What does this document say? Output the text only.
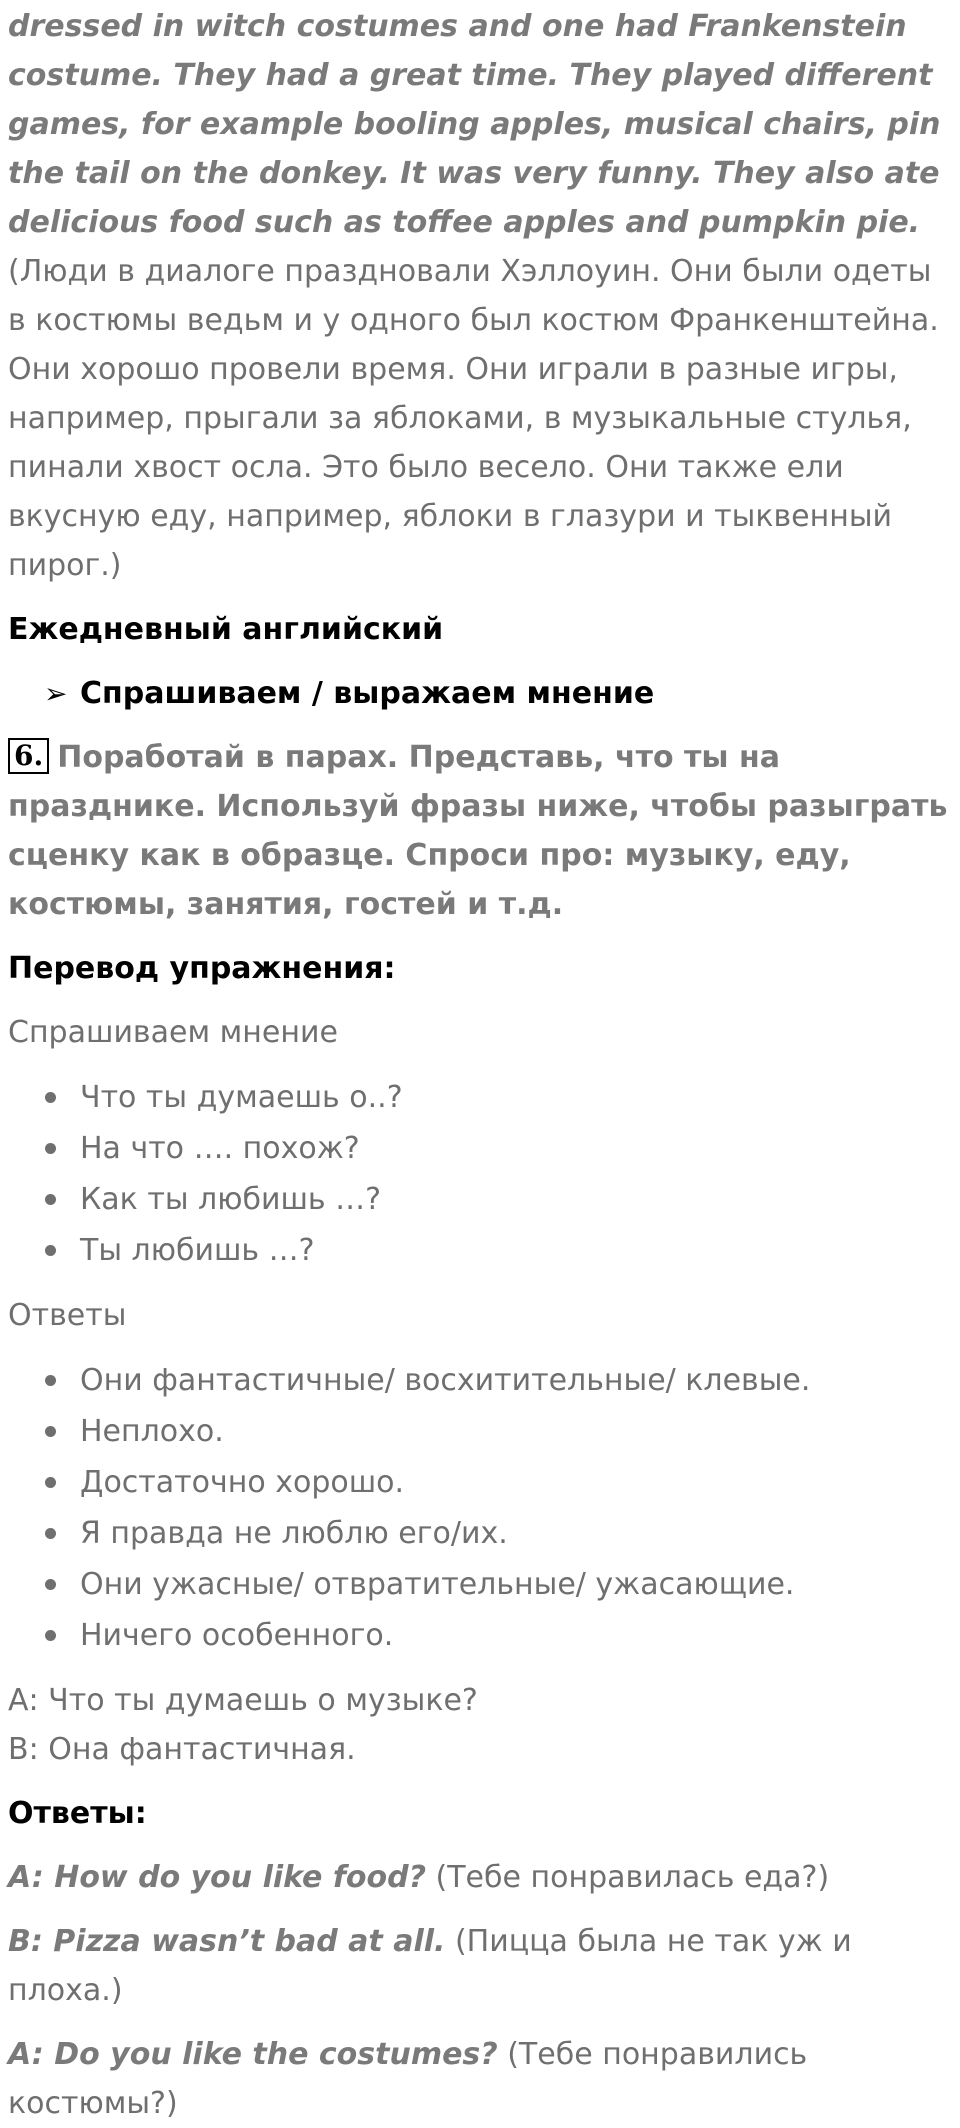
dressed in witch costumes and one had Frankenstein costume. They had a great time. They played different games, for example booling apples, musical chairs, pin the tail on the donkey. It was very funny. They also ate delicious food such as toffee apples and pumpkin pie. (Люди в диалоге праздновали Хэллоуин. Они были одеты в костюмы ведьм и у одного был костюм Франкенштейна. Они хорошо провели время. Они играли в разные игры, например, прыгали за яблоками, в музыкальные стулья, пинали хвост осла. Это было весело. Они также ели вкусную еду, например, яблоки в глазури и тыквенный пирог.)

Ежедневный английский
➢ Спрашиваем / выражаем мнение
6. Поработай в парах. Представь, что ты на празднике. Используй фразы ниже, чтобы разыграть сценку как в образце. Спроси про: музыку, еду, костюмы, занятия, гостей и т.д.
Перевод упражнения:
Спрашиваем мнение
Что ты думаешь о..?
На что …. похож?
Как ты любишь …?
Ты любишь …?
Ответы
Они фантастичные/ восхитительные/ клевые.
Неплохо.
Достаточно хорошо.
Я правда не люблю его/их.
Они ужасные/ отвратительные/ ужасающие.
Ничего особенного.

А: Что ты думаешь о музыке?

В: Она фантастичная.

Ответы:

A: How do you like food? (Тебе понравилась еда?)

B: Pizza wasn’t bad at all. (Пицца была не так уж и плоха.)

A: Do you like the costumes? (Тебе понравились костюмы?)
